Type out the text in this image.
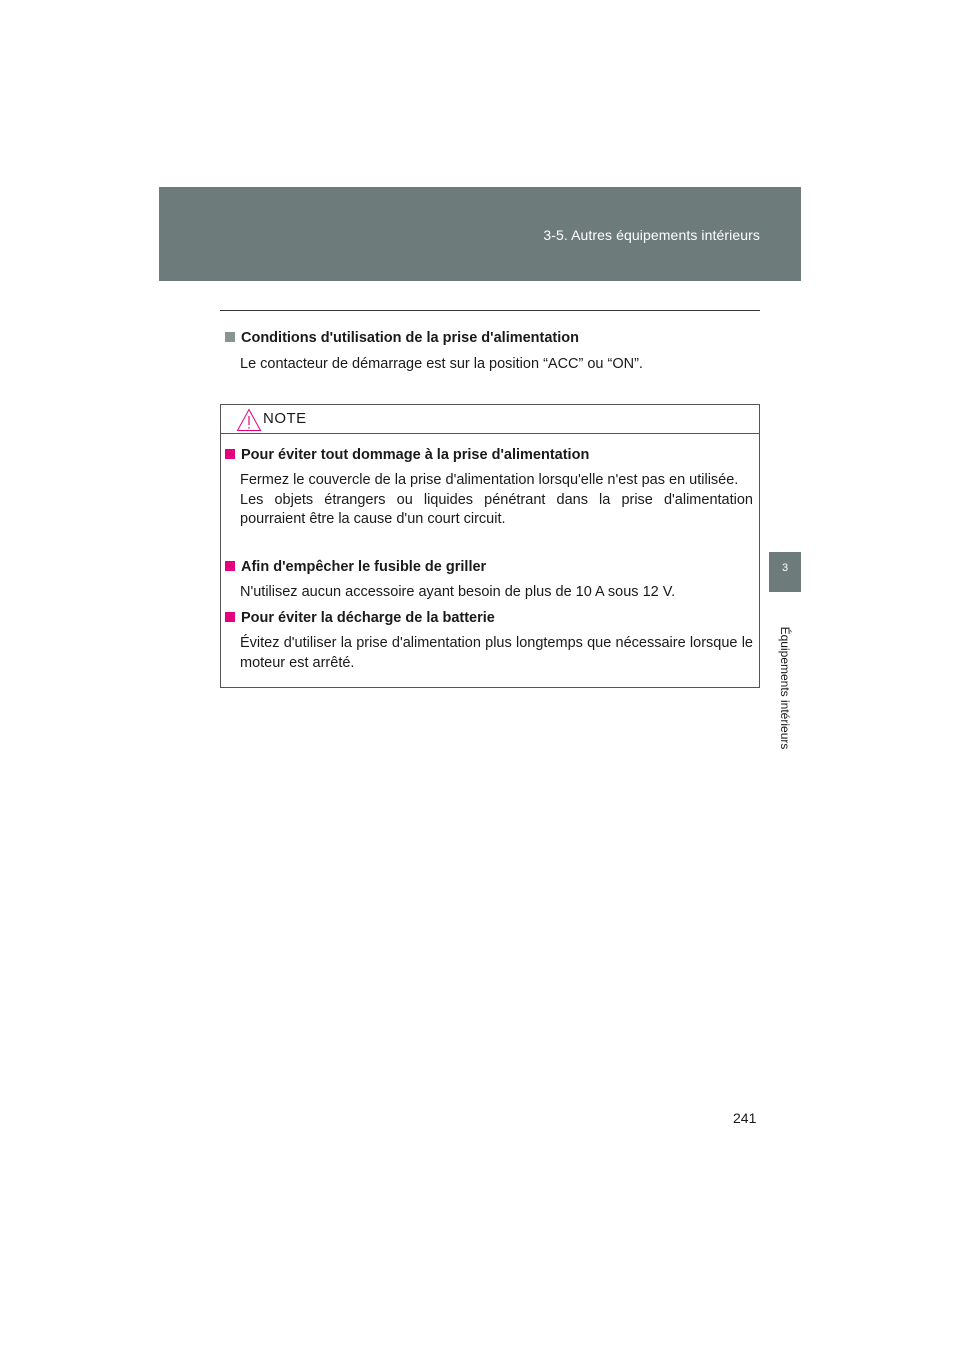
3-5. Autres équipements intérieurs
3
Équipements intérieurs
Conditions d'utilisation de la prise d'alimentation
Le contacteur de démarrage est sur la position “ACC” ou “ON”.
NOTE
Pour éviter tout dommage à la prise d'alimentation

Fermez le couvercle de la prise d'alimentation lorsqu'elle n'est pas en utilisée.

Les objets étrangers ou liquides pénétrant dans la prise d'alimentation pourraient être la cause d'un court circuit.

Afin d'empêcher le fusible de griller

N'utilisez aucun accessoire ayant besoin de plus de 10 A sous 12 V.

Pour éviter la décharge de la batterie

Évitez d'utiliser la prise d'alimentation plus longtemps que nécessaire lorsque le moteur est arrêté.

241
